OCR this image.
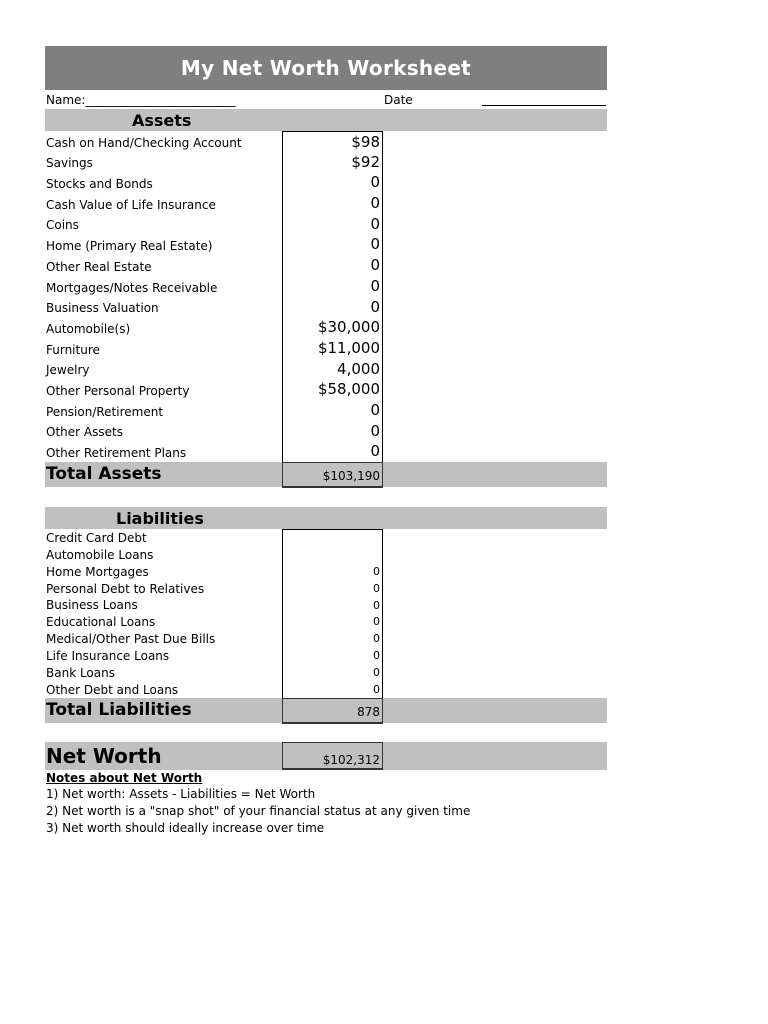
My Net Worth Worksheet
Name:_________________________	Date
Assets
Cash on Hand/Checking Account	$98
Savings	$92
Stocks and Bonds	0
Cash Value of Life Insurance	0
Coins	0
Home (Primary Real Estate)	0
Other Real Estate	0
Mortgages/Notes Receivable	0
Business Valuation	0
Automobile(s)	$30,000
Furniture	$11,000
Jewelry	4,000
Other Personal Property	$58,000
Pension/Retirement	0
Other Assets	0
Other Retirement Plans	0
Total Assets	$103,190
Liabilities
Credit Card Debt
Automobile Loans
Home Mortgages	0
Personal Debt to Relatives	0
Business Loans	0
Educational Loans	0
Medical/Other Past Due Bills	0
Life Insurance Loans	0
Bank Loans	0
Other Debt and Loans	0
Total Liabilities	878
Net Worth	$102,312
Notes about Net Worth
1) Net worth: Assets - Liabilities = Net Worth
2) Net worth is a "snap shot" of your financial status at any given time
3) Net worth should ideally increase over time
